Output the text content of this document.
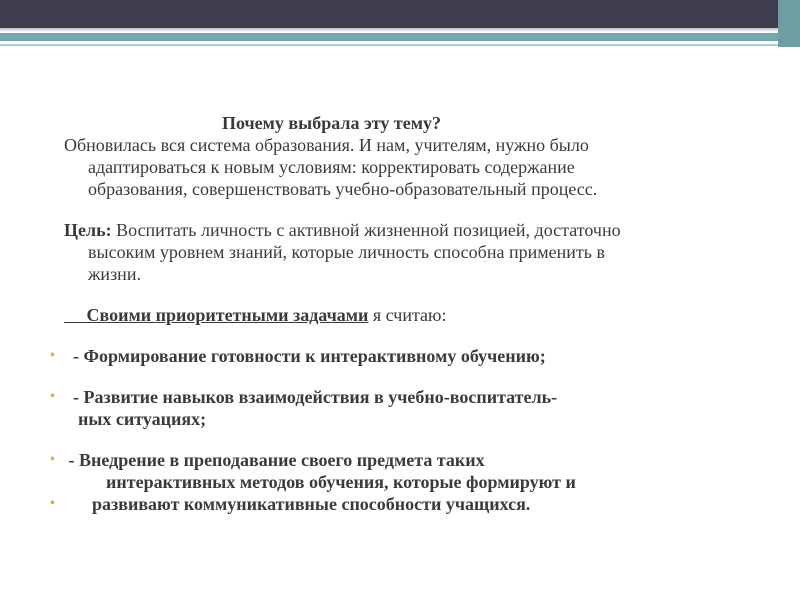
Почему выбрала эту тему?
Обновилась вся система образования. И нам, учителям, нужно было
адаптироваться к новым условиям: корректировать содержание
образования, совершенствовать учебно-образовательный процесс.
Цель: Воспитать личность с активной жизненной позицией, достаточно
высоким уровнем знаний, которые личность способна применить в
жизни.
Своими приоритетными задачами я считаю:
• - Формирование готовности к интерактивному обучению;
• - Развитие навыков взаимодействия в учебно-воспитатель-
ных ситуациях;
• - Внедрение в преподавание своего предмета таких
интерактивных методов обучения, которые формируют и
• развивают коммуникативные способности учащихся.
